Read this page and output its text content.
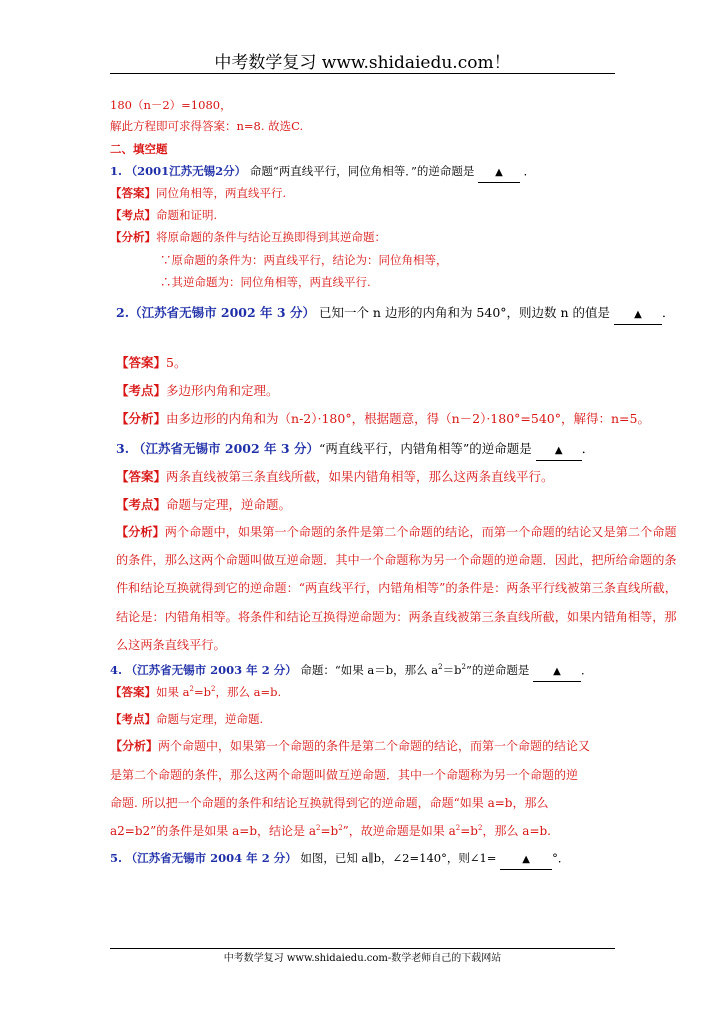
中考数学复习 www.shidaiedu.com！
180（n－2）=1080，
解此方程即可求得答案：n=8. 故选C.
二、填空题
1. （2001江苏无锡2分） 命题“两直线平行，同位角相等．”的逆命题是 ▲ ．
【答案】同位角相等，两直线平行.
【考点】命题和证明.
【分析】将原命题的条件与结论互换即得到其逆命题：
∵原命题的条件为：两直线平行，结论为：同位角相等，
∴其逆命题为：同位角相等，两直线平行.
2.（江苏省无锡市 2002 年 3 分） 已知一个 n 边形的内角和为 540°，则边数 n 的值是 ▲ ．
【答案】5。
【考点】多边形内角和定理。
【分析】由多边形的内角和为（n-2）·180°，根据题意，得（n－2）·180°=540°，解得：n=5。
3. （江苏省无锡市 2002 年 3 分）“两直线平行，内错角相等”的逆命题是 ▲ ．
【答案】两条直线被第三条直线所截，如果内错角相等，那么这两条直线平行。
【考点】命题与定理，逆命题。
【分析】两个命题中，如果第一个命题的条件是第二个命题的结论，而第一个命题的结论又是第二个命题
的条件，那么这两个命题叫做互逆命题．其中一个命题称为另一个命题的逆命题．因此，把所给命题的条
件和结论互换就得到它的逆命题：“两直线平行，内错角相等”的条件是：两条平行线被第三条直线所截，
结论是：内错角相等。将条件和结论互换得逆命题为：两条直线被第三条直线所截，如果内错角相等，那
么这两条直线平行。
4. （江苏省无锡市 2003 年 2 分） 命题：“如果 a＝b，那么 $a^2=b^2$”的逆命题是 ▲ ．
【答案】如果 $a^2=b^2$，那么 a=b.
【考点】命题与定理，逆命题.
【分析】两个命题中，如果第一个命题的条件是第二个命题的结论，而第一个命题的结论又
是第二个命题的条件，那么这两个命题叫做互逆命题．其中一个命题称为另一个命题的逆
命题. 所以把一个命题的条件和结论互换就得到它的逆命题，命题“如果 a=b，那么
a2=b2”的条件是如果 a=b，结论是 $a^2=b^2$”，故逆命题是如果 $a^2=b^2$，那么 a=b.
5. （江苏省无锡市 2004 年 2 分） 如图，已知 a∥b，∠2=140°，则∠1=	▲ °．
中考数学复习 www.shidaiedu.com-数学老师自己的下载网站
